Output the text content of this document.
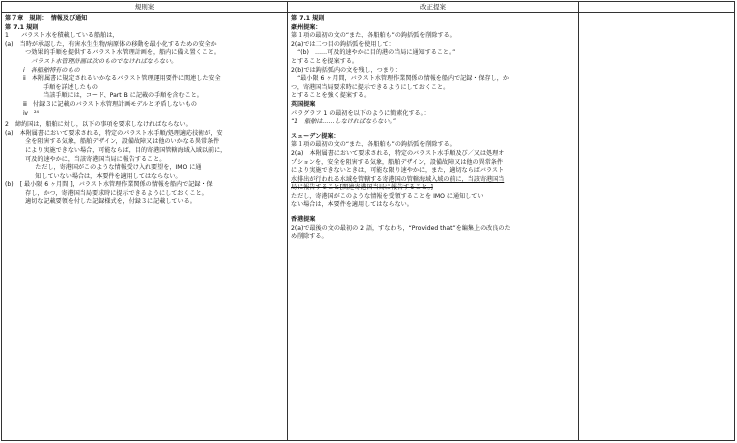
規則案	改正提案

第７章　規則：　情報及び通知

第 7.1 規則

1　　バラスト水を積載している船舶は，

(a)　当時が承認した，有害水生生物/病原体の移動を最小化するための安全か

　　つ効果的手順を提供するバラスト水管理計画を，船内に備え置くこと。

　　パラスト水管理計画は次のものでなければならない。

ⅰ　各船舶特有のもの

ⅱ　本附属書に規定されるいかなるバラスト管理運用要件に関連した安全

　　手順を詳述したもの

　　当該手順には，コード、Part B に記載の手順を含むこと。

ⅲ　付録３に記載のバラスト水管理計画モデルと矛盾しないもの

ⅳ　²⁴

2　締約国は，船舶に対し，以下の事項を要求しなければならない。

(a)　本附属書において要求される，特定のパラスト水手順/処理適応技術が，安

　　全を阻害する気象，船舶デザイン，設備故障又は他のいかなる異常条件

　　により実施できない場合，可能ならば，目的寄港国管轄海域入域以前に，

　　可及的速やかに，当該寄港国当局に報告すること。

　　　ただし，寄港国がこのような情報受け入れ要望を，IMO に通

　　　知していない場合は，本要件を適用してはならない。

(b)　[ 最小限 6 ヶ月間 ]，バラスト水管理作業関係の情報を船内で記録・保

　　存し，かつ，寄港国当局要求時に提示できるようにしておくこと。

　　適切な記載要領を付した記録様式を，付録３に記載している。

第 7.1 規則

豪州提案：

第１項の最初の文の“また、各船舶も”の鉤括弧を削除する。

2(a)では二つ目の鉤括弧を使用して：

　“(b)　……可及的速やかに目的港の当局に通知すること。”

とすることを提案する。

2(b)では鉤括弧内の文を残し，つまり：

　“最小限 6 ヶ月間，バラスト水管理作業関係の情報を船内で記録・保存し，か

つ，寄港国当局要求時に提示できるようにしておくこと。

とすることを強く提案する。

英国提案

パラグラフ 1 の最初を以下のように簡素化する。：

“1　船舶は……しなければならない。”

スェーデン提案：

第１項の最初の文の“また、各船舶も”の鉤括弧を削除する。

2(a)　本附属書において要求される，特定のバラスト水手順及び／又は処理オ

プションを，安全を阻害する気象，船舶デザイン，設備故障又は他の異常条件

により実施できないときは，可能な限り速やかに，また，適切ならばバラスト

水排出が行われる水域を管轄する寄港国の管轄海域入域の前に，当該寄港国当

局に報告すること[関連寄港国当局に報告すること。]

ただし，寄港国がこのような情報を受領することを IMO に通知してい

ない場合は，本要件を適用してはならない。

香港提案

2(a)で最後の文の最初の 2 語，すなわち，“Provided that”を編集上の改良のた

め削除する。
